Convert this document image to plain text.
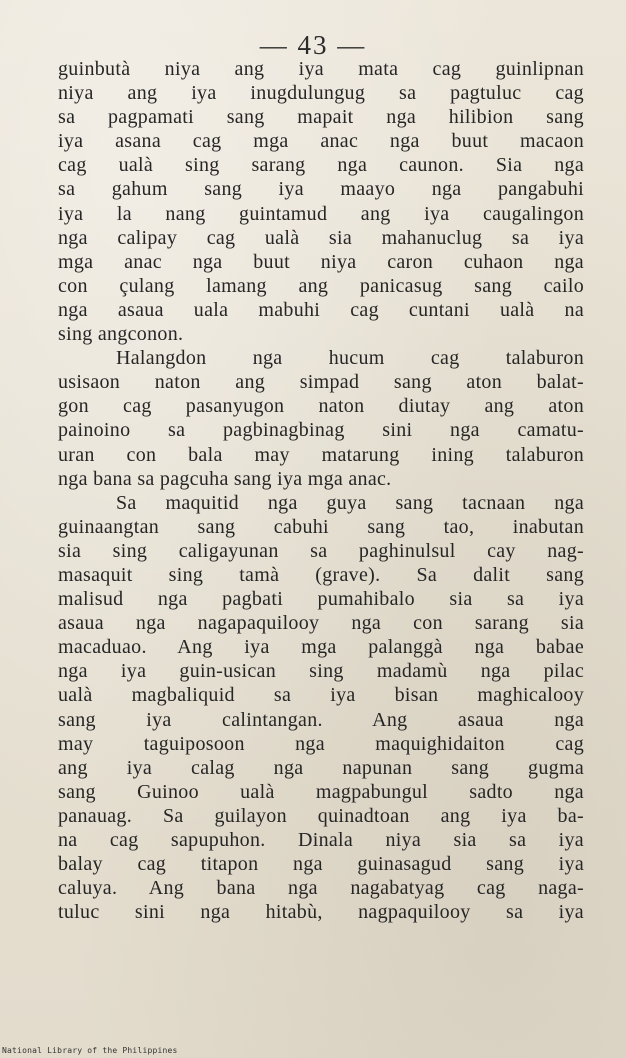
— 43 —
guinbutà niya ang iya mata cag guinlipnan
niya ang iya inugdulungug sa pagtuluc cag
sa pagpamati sang mapait nga hilibion sang
iya asana cag mga anac nga buut macaon
cag ualà sing sarang nga caunon. Sia nga
sa gahum sang iya maayo nga pangabuhi
iya la nang guintamud ang iya caugalingon
nga calipay cag ualà sia mahanuclug sa iya
mga anac nga buut niya caron cuhaon nga
con çulang lamang ang panicasug sang cailo
nga asaua uala mabuhi cag cuntani ualà na
sing angconon.
Halangdon nga hucum cag talaburon
usisaon naton ang simpad sang aton balat-
gon cag pasanyugon naton diutay ang aton
painoino sa pagbinagbinag sini nga camatu-
uran con bala may matarung ining talaburon
nga bana sa pagcuha sang iya mga anac.
Sa maquitid nga guya sang tacnaan nga
guinaangtan sang cabuhi sang tao, inabutan
sia sing caligayunan sa paghinulsul cay nag-
masaquit sing tamà (grave). Sa dalit sang
malisud nga pagbati pumahibalo sia sa iya
asaua nga nagapaquilooy nga con sarang sia
macaduao. Ang iya mga palanggà nga babae
nga iya guin-usican sing madamù nga pilac
ualà magbaliquid sa iya bisan maghicalooy
sang iya calintangan. Ang asaua nga
may taguiposoon nga maquighidaiton cag
ang iya calag nga napunan sang gugma
sang Guinoo ualà magpabungul sadto nga
panauag. Sa guilayon quinadtoan ang iya ba-
na cag sapupuhon. Dinala niya sia sa iya
balay cag titapon nga guinasagud sang iya
caluya. Ang bana nga nagabatyag cag naga-
tuluc sini nga hitabù, nagpaquilooy sa iya
National Library of the Philippines
